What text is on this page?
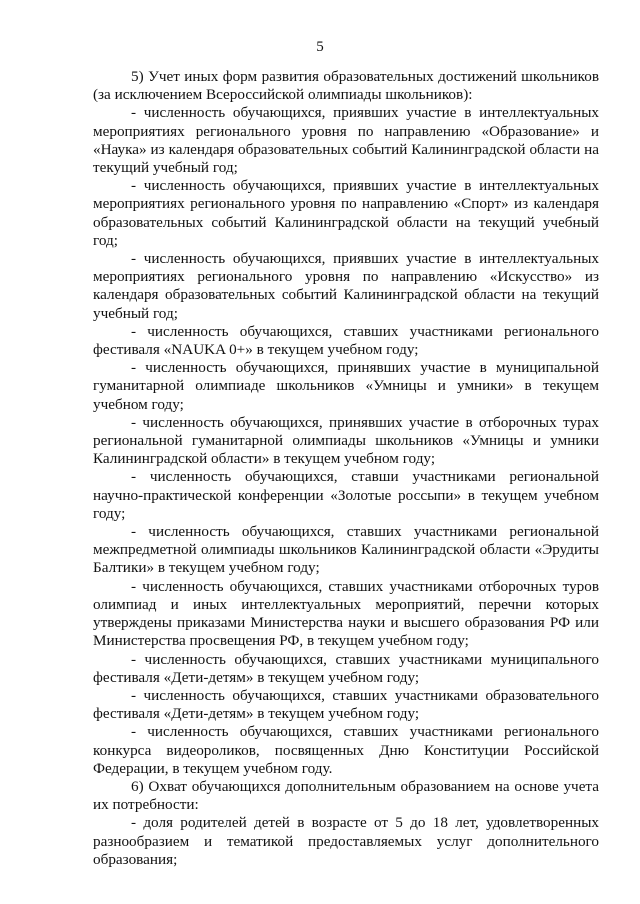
5

5) Учет иных форм развития образовательных достижений школьников (за исключением Всероссийской олимпиады школьников):

- численность обучающихся, приявших участие в интеллектуальных мероприятиях регионального уровня по направлению «Образование» и «Наука» из календаря образовательных событий Калининградской области на текущий учебный год;

- численность обучающихся, приявших участие в интеллектуальных мероприятиях регионального уровня по направлению «Спорт» из календаря образовательных событий Калининградской области на текущий учебный год;

- численность обучающихся, приявших участие в интеллектуальных мероприятиях регионального уровня по направлению «Искусство» из календаря образовательных событий Калининградской области на текущий учебный год;

- численность обучающихся, ставших участниками регионального фестиваля «NAUKA 0+» в текущем учебном году;

- численность обучающихся, принявших участие в муниципальной гуманитарной олимпиаде школьников «Умницы и умники» в текущем учебном году;

- численность обучающихся, принявших участие в отборочных турах региональной гуманитарной олимпиады школьников «Умницы и умники Калининградской области» в текущем учебном году;

- численность обучающихся, ставши участниками региональной научно-практической конференции «Золотые россыпи» в текущем учебном году;

- численность обучающихся, ставших участниками региональной межпредметной олимпиады школьников Калининградской области «Эрудиты Балтики» в текущем учебном году;

- численность обучающихся, ставших участниками отборочных туров олимпиад и иных интеллектуальных мероприятий, перечни которых утверждены приказами Министерства науки и высшего образования РФ или Министерства просвещения РФ, в текущем учебном году;

- численность обучающихся, ставших участниками муниципального фестиваля «Дети-детям» в текущем учебном году;

- численность обучающихся, ставших участниками образовательного фестиваля «Дети-детям» в текущем учебном году;

- численность обучающихся, ставших участниками регионального конкурса видеороликов, посвященных Дню Конституции Российской Федерации, в текущем учебном году.

6) Охват обучающихся дополнительным образованием на основе учета их потребности:

- доля родителей детей в возрасте от 5 до 18 лет, удовлетворенных разнообразием и тематикой предоставляемых услуг дополнительного образования;
